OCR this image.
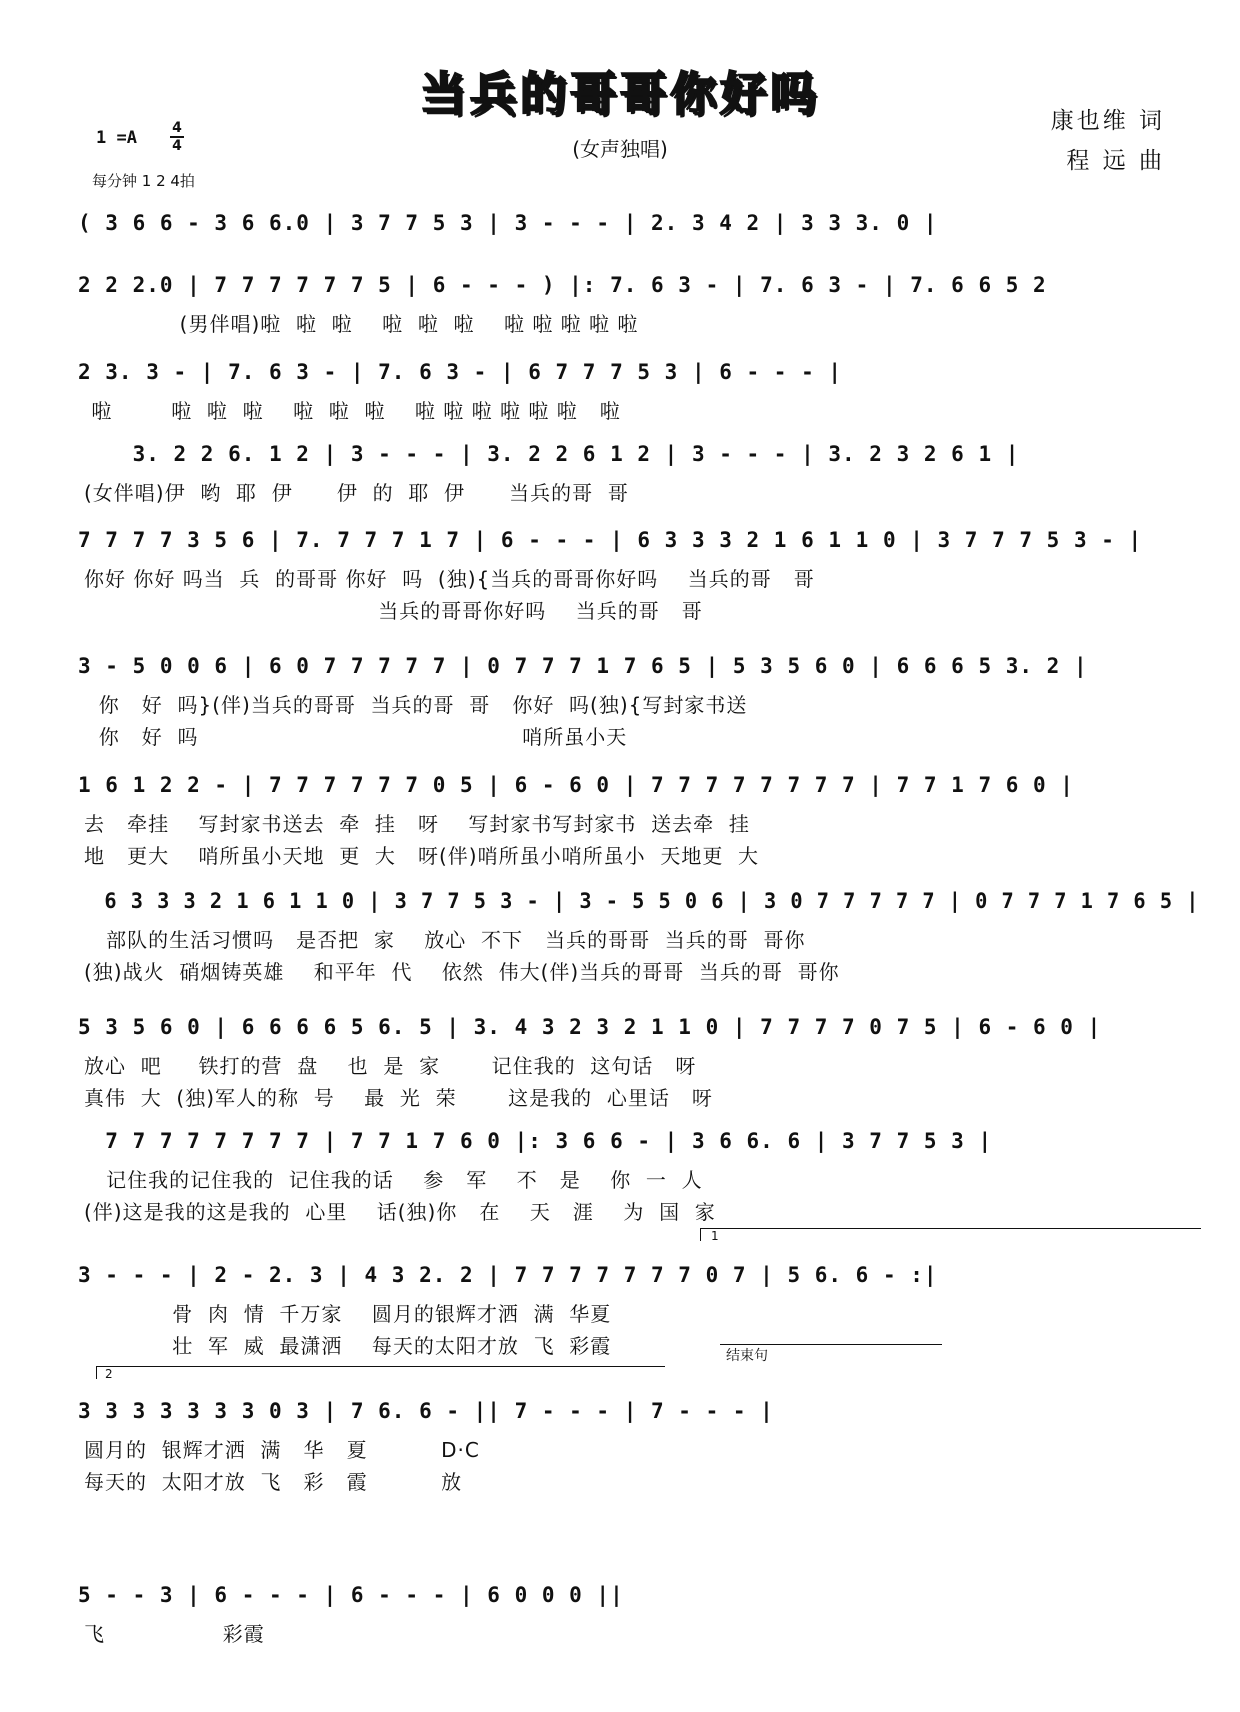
当兵的哥哥你好吗
1 =A	4
4
每分钟 1 2 4拍
(女声独唱)
康也维 词
程 远 曲
( 3 6 6 - 3 6 6.0 | 3 7 7 5 3 | 3 - - - | 2. 3 4 2 | 3 3 3. 0 |
2 2 2.0 | 7 7 7 7 7 7 5 | 6 - - - ) |: 7. 6 3 - | 7. 6 3 - | 7. 6 6 5 2
(男伴唱)啦  啦  啦    啦  啦  啦    啦 啦 啦 啦 啦
2 3. 3 - | 7. 6 3 - | 7. 6 3 - | 6 7 7 7 5 3 | 6 - - - |
啦        啦  啦  啦    啦  啦  啦    啦 啦 啦 啦 啦 啦   啦
3. 2 2 6. 1 2 | 3 - - - | 3. 2 2 6 1 2 | 3 - - - | 3. 2 3 2 6 1 |
(女伴唱)伊  哟  耶  伊      伊  的  耶  伊      当兵的哥  哥
7 7 7 7 3 5 6 | 7. 7 7 7 1 7 | 6 - - - | 6 3 3 3 2 1 6 1 1 0 | 3 7 7 7 5 3 - |
你好 你好 吗当  兵  的哥哥 你好  吗  (独){当兵的哥哥你好吗    当兵的哥   哥
当兵的哥哥你好吗    当兵的哥   哥
3 - 5 0 0 6 | 6 0 7 7 7 7 7 | 0 7 7 7 1 7 6 5 | 5 3 5 6 0 | 6 6 6 5 3. 2 |
你   好  吗}(伴)当兵的哥哥  当兵的哥  哥   你好  吗(独){写封家书送
你   好  吗                                            哨所虽小天
1 6 1 2 2 - | 7 7 7 7 7 7 0 5 | 6 - 6 0 | 7 7 7 7 7 7 7 7 | 7 7 1 7 6 0 |
去   牵挂    写封家书送去  牵  挂   呀    写封家书写封家书  送去牵  挂
地   更大    哨所虽小天地  更  大   呀(伴)哨所虽小哨所虽小  天地更  大
6 3 3 3 2 1 6 1 1 0 | 3 7 7 5 3 - | 3 - 5 5 0 6 | 3 0 7 7 7 7 7 | 0 7 7 7 1 7 6 5 |
部队的生活习惯吗   是否把  家    放心  不下   当兵的哥哥  当兵的哥  哥你
(独)战火  硝烟铸英雄    和平年  代    依然  伟大(伴)当兵的哥哥  当兵的哥  哥你
5 3 5 6 0 | 6 6 6 6 5 6. 5 | 3. 4 3 2 3 2 1 1 0 | 7 7 7 7 0 7 5 | 6 - 6 0 |
放心  吧     铁打的营  盘    也  是  家       记住我的  这句话   呀
真伟  大  (独)军人的称  号    最  光  荣       这是我的  心里话   呀
7 7 7 7 7 7 7 7 | 7 7 1 7 6 0 |: 3 6 6 - | 3 6 6. 6 | 3 7 7 5 3 |
记住我的记住我的  记住我的话    参   军    不   是    你  一  人
(伴)这是我的这是我的  心里    话(独)你   在    天   涯    为  国  家
1
3 - - - | 2 - 2. 3 | 4 3 2. 2 | 7 7 7 7 7 7 7 0 7 | 5 6. 6 - :|
骨  肉  情  千万家    圆月的银辉才洒  满  华夏
壮  军  威  最潇洒    每天的太阳才放  飞  彩霞
2
结束句
3 3 3 3 3 3 3 0 3 | 7 6. 6 - || 7 - - - | 7 - - - |
圆月的  银辉才洒  满   华   夏          D·C
每天的  太阳才放  飞   彩   霞          放
5 - - 3 | 6 - - - | 6 - - - | 6 0 0 0 ||
飞                彩霞
